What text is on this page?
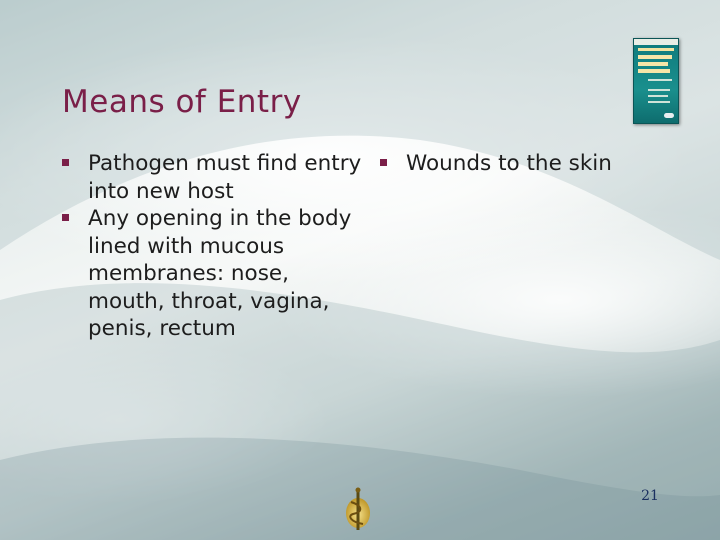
Means of Entry
Pathogen must find entry into new host
Any opening in the body lined with mucous membranes: nose, mouth, throat, vagina, penis, rectum
Wounds to the skin
21
